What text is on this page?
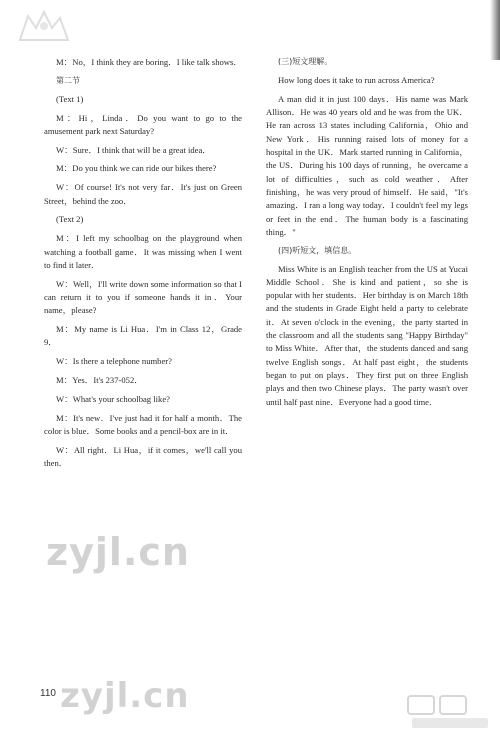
M：No，I think they are boring．I like talk shows．

第二节

(Text 1)

M：Hi，Linda．Do you want to go to the amusement park next Saturday?

W：Sure．I think that will be a great idea．

M：Do you think we can ride our bikes there?

W：Of course! It's not very far．It's just on Green Street，behind the zoo．

(Text 2)

M：I left my schoolbag on the playground when watching a football game．It was missing when I went to find it later．

W：Well，I'll write down some information so that I can return it to you if someone hands it in．Your name，please?

M：My name is Li Hua．I'm in Class 12，Grade 9．

W：Is there a telephone number?

M：Yes．It's 237-052．

W：What's your schoolbag like?

M：It's new．I've just had it for half a month．The color is blue．Some books and a pencil-box are in it．

W：All right．Li Hua，if it comes，we'll call you then．

(三)短文理解。

How long does it take to run across America?

A man did it in just 100 days．His name was Mark Allison．He was 40 years old and he was from the UK．He ran across 13 states including California，Ohio and New York．His running raised lots of money for a hospital in the UK．Mark started running in California，the US．During his 100 days of running，he overcame a lot of difficulties，such as cold weather．After finishing，he was very proud of himself．He said，"It's amazing．I ran a long way today．I couldn't feel my legs or feet in the end．The human body is a fascinating thing．"

(四)听短文，填信息。

Miss White is an English teacher from the US at Yucai Middle School．She is kind and patient，so she is popular with her students．Her birthday is on March 18th and the students in Grade Eight held a party to celebrate it．At seven o'clock in the evening，the party started in the classroom and all the students sang "Happy Birthday" to Miss White．After that，the students danced and sang twelve English songs．At half past eight，the students began to put on plays．They first put on three English plays and then two Chinese plays．The party wasn't over until half past nine．Everyone had a good time．

zyjl.cn
zyjl.cn
110
